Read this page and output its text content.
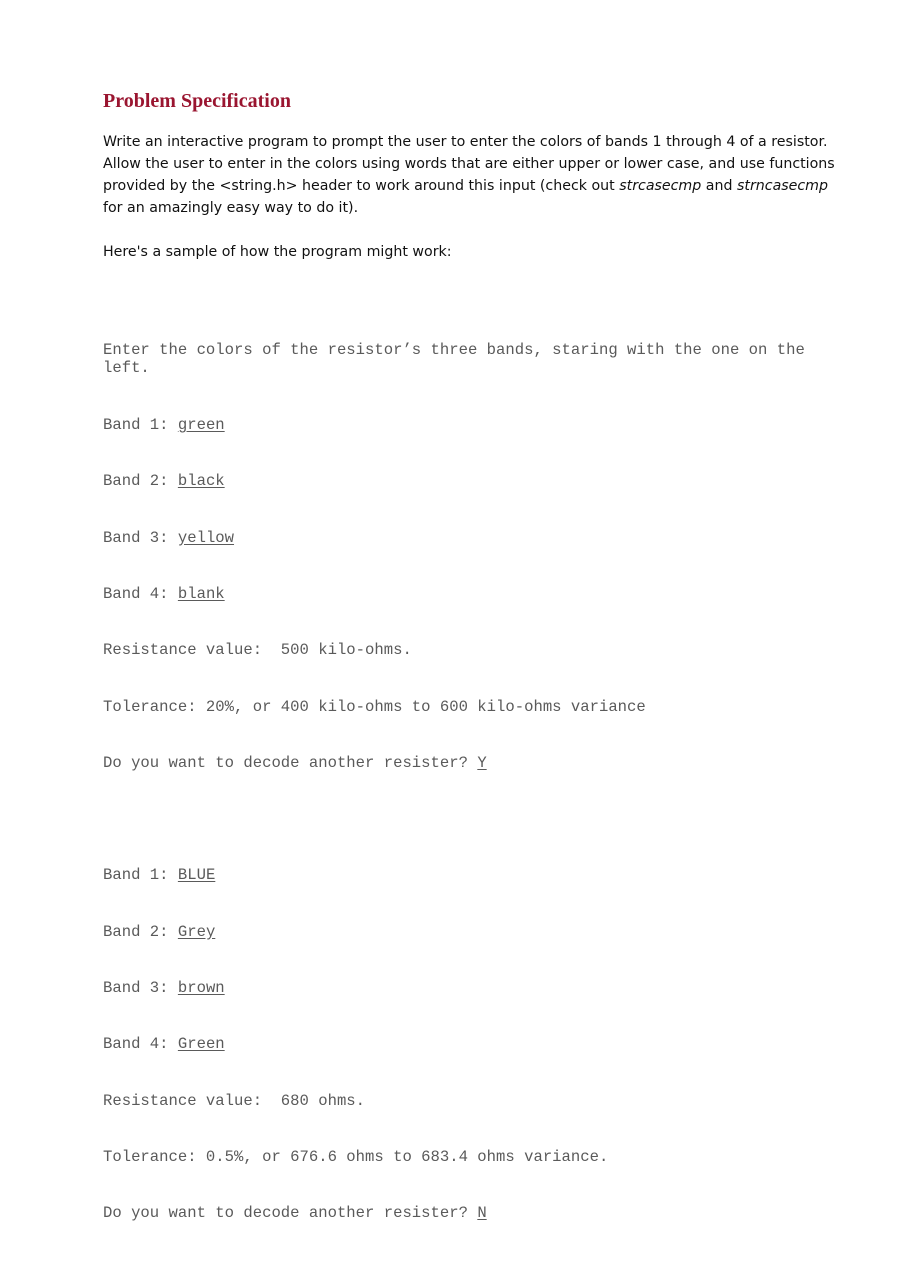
Problem Specification

Write an interactive program to prompt the user to enter the colors of bands 1 through 4 of a resistor. Allow the user to enter in the colors using words that are either upper or lower case, and use functions provided by the <string.h> header to work around this input (check out strcasecmp and strncasecmp for an amazingly easy way to do it).

Here's a sample of how the program might work:

Enter the colors of the resistor’s three bands, staring with the one on the left.

Band 1: green

Band 2: black

Band 3: yellow

Band 4: blank

Resistance value:  500 kilo-ohms.

Tolerance: 20%, or 400 kilo-ohms to 600 kilo-ohms variance

Do you want to decode another resister? Y

Band 1: BLUE

Band 2: Grey

Band 3: brown

Band 4: Green

Resistance value:  680 ohms.

Tolerance: 0.5%, or 676.6 ohms to 683.4 ohms variance.

Do you want to decode another resister? N
